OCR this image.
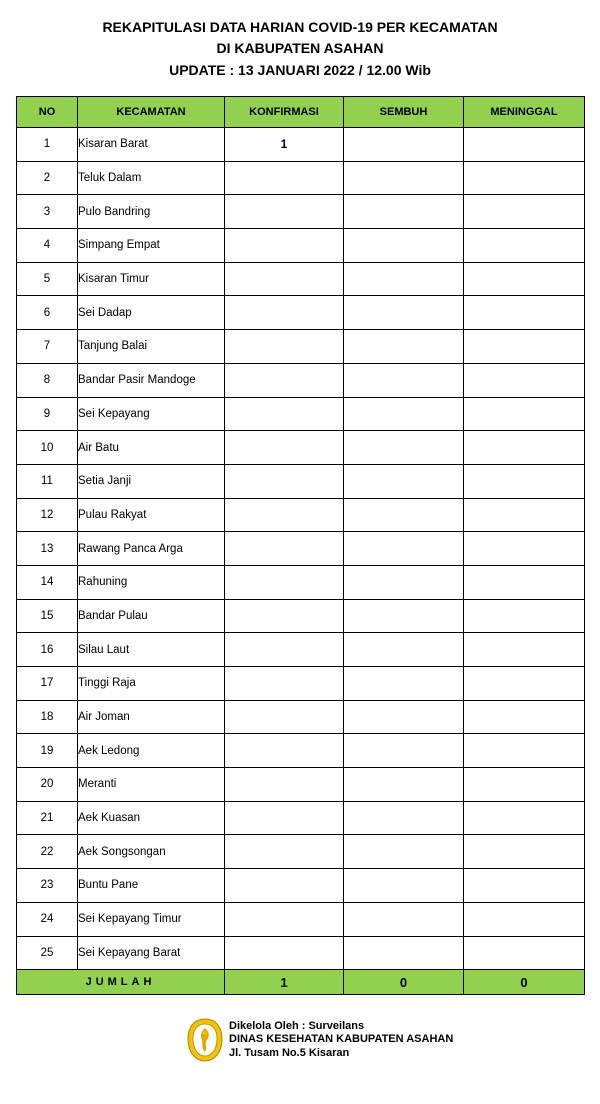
REKAPITULASI DATA HARIAN COVID-19 PER KECAMATAN
DI KABUPATEN ASAHAN
UPDATE : 13 JANUARI 2022 / 12.00 Wib
NO	KECAMATAN	KONFIRMASI	SEMBUH	MENINGGAL
1	Kisaran Barat	1		
2	Teluk Dalam			
3	Pulo Bandring			
4	Simpang Empat			
5	Kisaran Timur			
6	Sei Dadap			
7	Tanjung Balai			
8	Bandar Pasir Mandoge			
9	Sei Kepayang			
10	Air Batu			
11	Setia Janji			
12	Pulau Rakyat			
13	Rawang Panca Arga			
14	Rahuning			
15	Bandar Pulau			
16	Silau Laut			
17	Tinggi Raja			
18	Air Joman			
19	Aek Ledong			
20	Meranti			
21	Aek Kuasan			
22	Aek Songsongan			
23	Buntu Pane			
24	Sei Kepayang Timur			
25	Sei Kepayang Barat			
JUMLAH		1	0	0
Dikelola Oleh : Surveilans
DINAS KESEHATAN KABUPATEN ASAHAN
Jl. Tusam No.5 Kisaran
